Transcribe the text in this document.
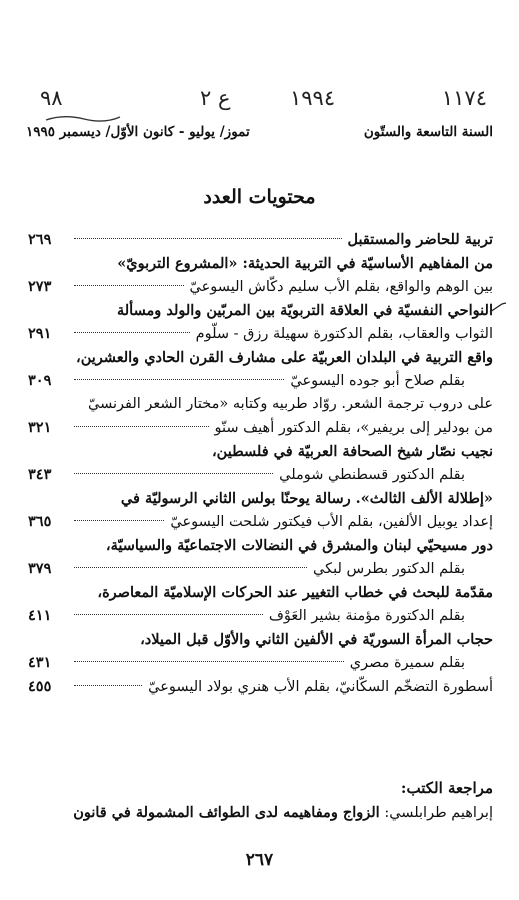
١١٧٤
١٩٩٤
ع ٢
٩٨
السنة التاسعة والستّون
تموز/ يوليو - كانون الأوّل/ ديسمبر ١٩٩٥
محتويات العدد
تربية للحاضر والمستقبل
٢٦٩
من المفاهيم الأساسيّة في التربية الحديثة: «المشروع التربويّ»
بين الوهم والواقع، بقلم الأب سليم دكّاش اليسوعيّ
٢٧٣
النواحي النفسيّة في العلاقة التربويّة بين المربّين والولد ومسألة
الثواب والعقاب، بقلم الدكتورة سهيلة رزق - سلّوم
٢٩١
واقع التربية في البلدان العربيّة على مشارف القرن الحادي والعشرين،
بقلم صلاح أبو جوده اليسوعيّ
٣٠٩
على دروب ترجمة الشعر. روّاد طربيه وكتابه «مختار الشعر الفرنسيّ
من بودلير إلى بريفير»، بقلم الدكتور أهيف سنّو
٣٢١
نجيب نصّار شيخ الصحافة العربيّة في فلسطين،
بقلم الدكتور قسطنطي شوملي
٣٤٣
«إطلالة الألف الثالث». رسالة يوحنّا بولس الثاني الرسوليّة في
إعداد يوبيل الألفين، بقلم الأب فيكتور شلحت اليسوعيّ
٣٦٥
دور مسيحيّي لبنان والمشرق في النضالات الاجتماعيّة والسياسيّة،
بقلم الدكتور بطرس لبكي
٣٧٩
مقدّمة للبحث في خطاب التغيير عند الحركات الإسلاميّة المعاصرة،
بقلم الدكتورة مؤمنة بشير العَوْف
٤١١
حجاب المرأة السوريّة في الألفين الثاني والأوّل قبل الميلاد،
بقلم سميرة مصري
٤٣١
أسطورة التضخّم السكّانيّ، بقلم الأب هنري بولاد اليسوعيّ
٤٥٥
مراجعة الكتب:
إبراهيم طرابلسي: الزواج ومفاهيمه لدى الطوائف المشمولة في قانون
٢٦٧
